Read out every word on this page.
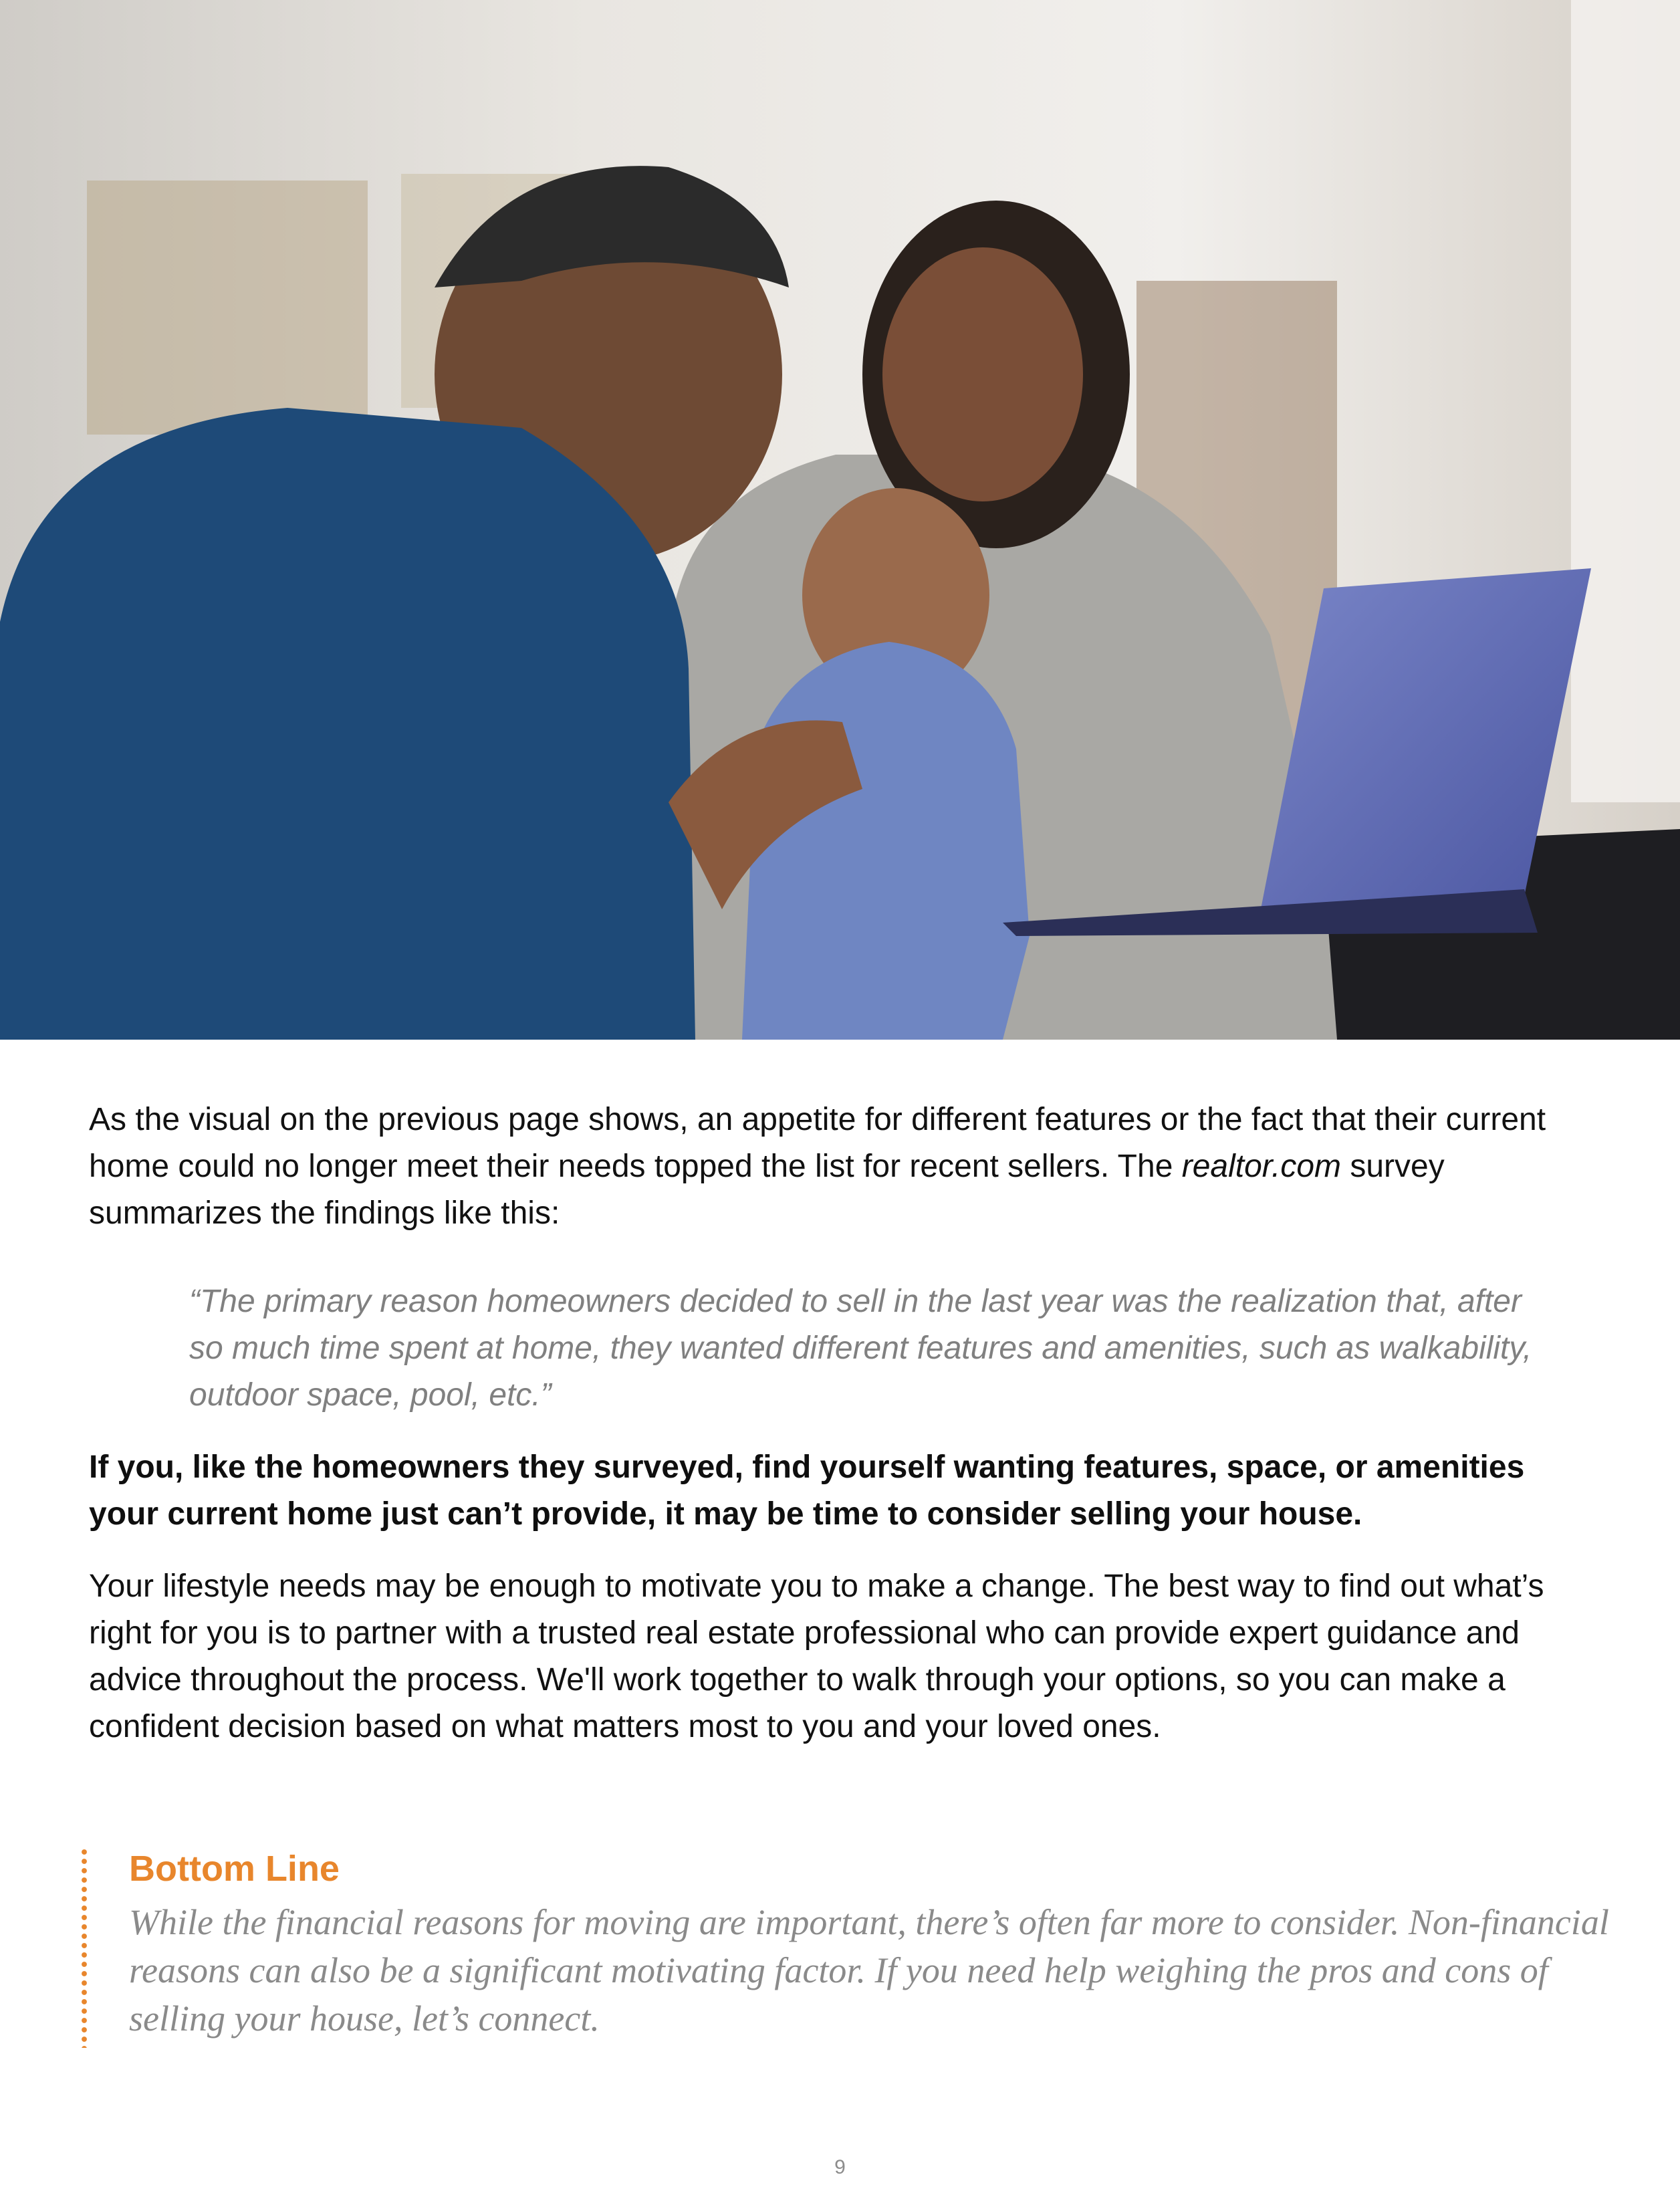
As the visual on the previous page shows, an appetite for different features or the fact that their current home could no longer meet their needs topped the list for recent sellers. The realtor.com survey summarizes the findings like this:

“The primary reason homeowners decided to sell in the last year was the realization that, after so much time spent at home, they wanted different features and amenities, such as walkability, outdoor space, pool, etc.”

If you, like the homeowners they surveyed, find yourself wanting features, space, or amenities your current home just can’t provide, it may be time to consider selling your house.

Your lifestyle needs may be enough to motivate you to make a change. The best way to find out what’s right for you is to partner with a trusted real estate professional who can provide expert guidance and advice throughout the process. We'll work together to walk through your options, so you can make a confident decision based on what matters most to you and your loved ones.

Bottom Line

While the financial reasons for moving are important, there’s often far more to consider. Non-financial reasons can also be a significant motivating factor. If you need help weighing the pros and cons of selling your house, let’s connect.

9
